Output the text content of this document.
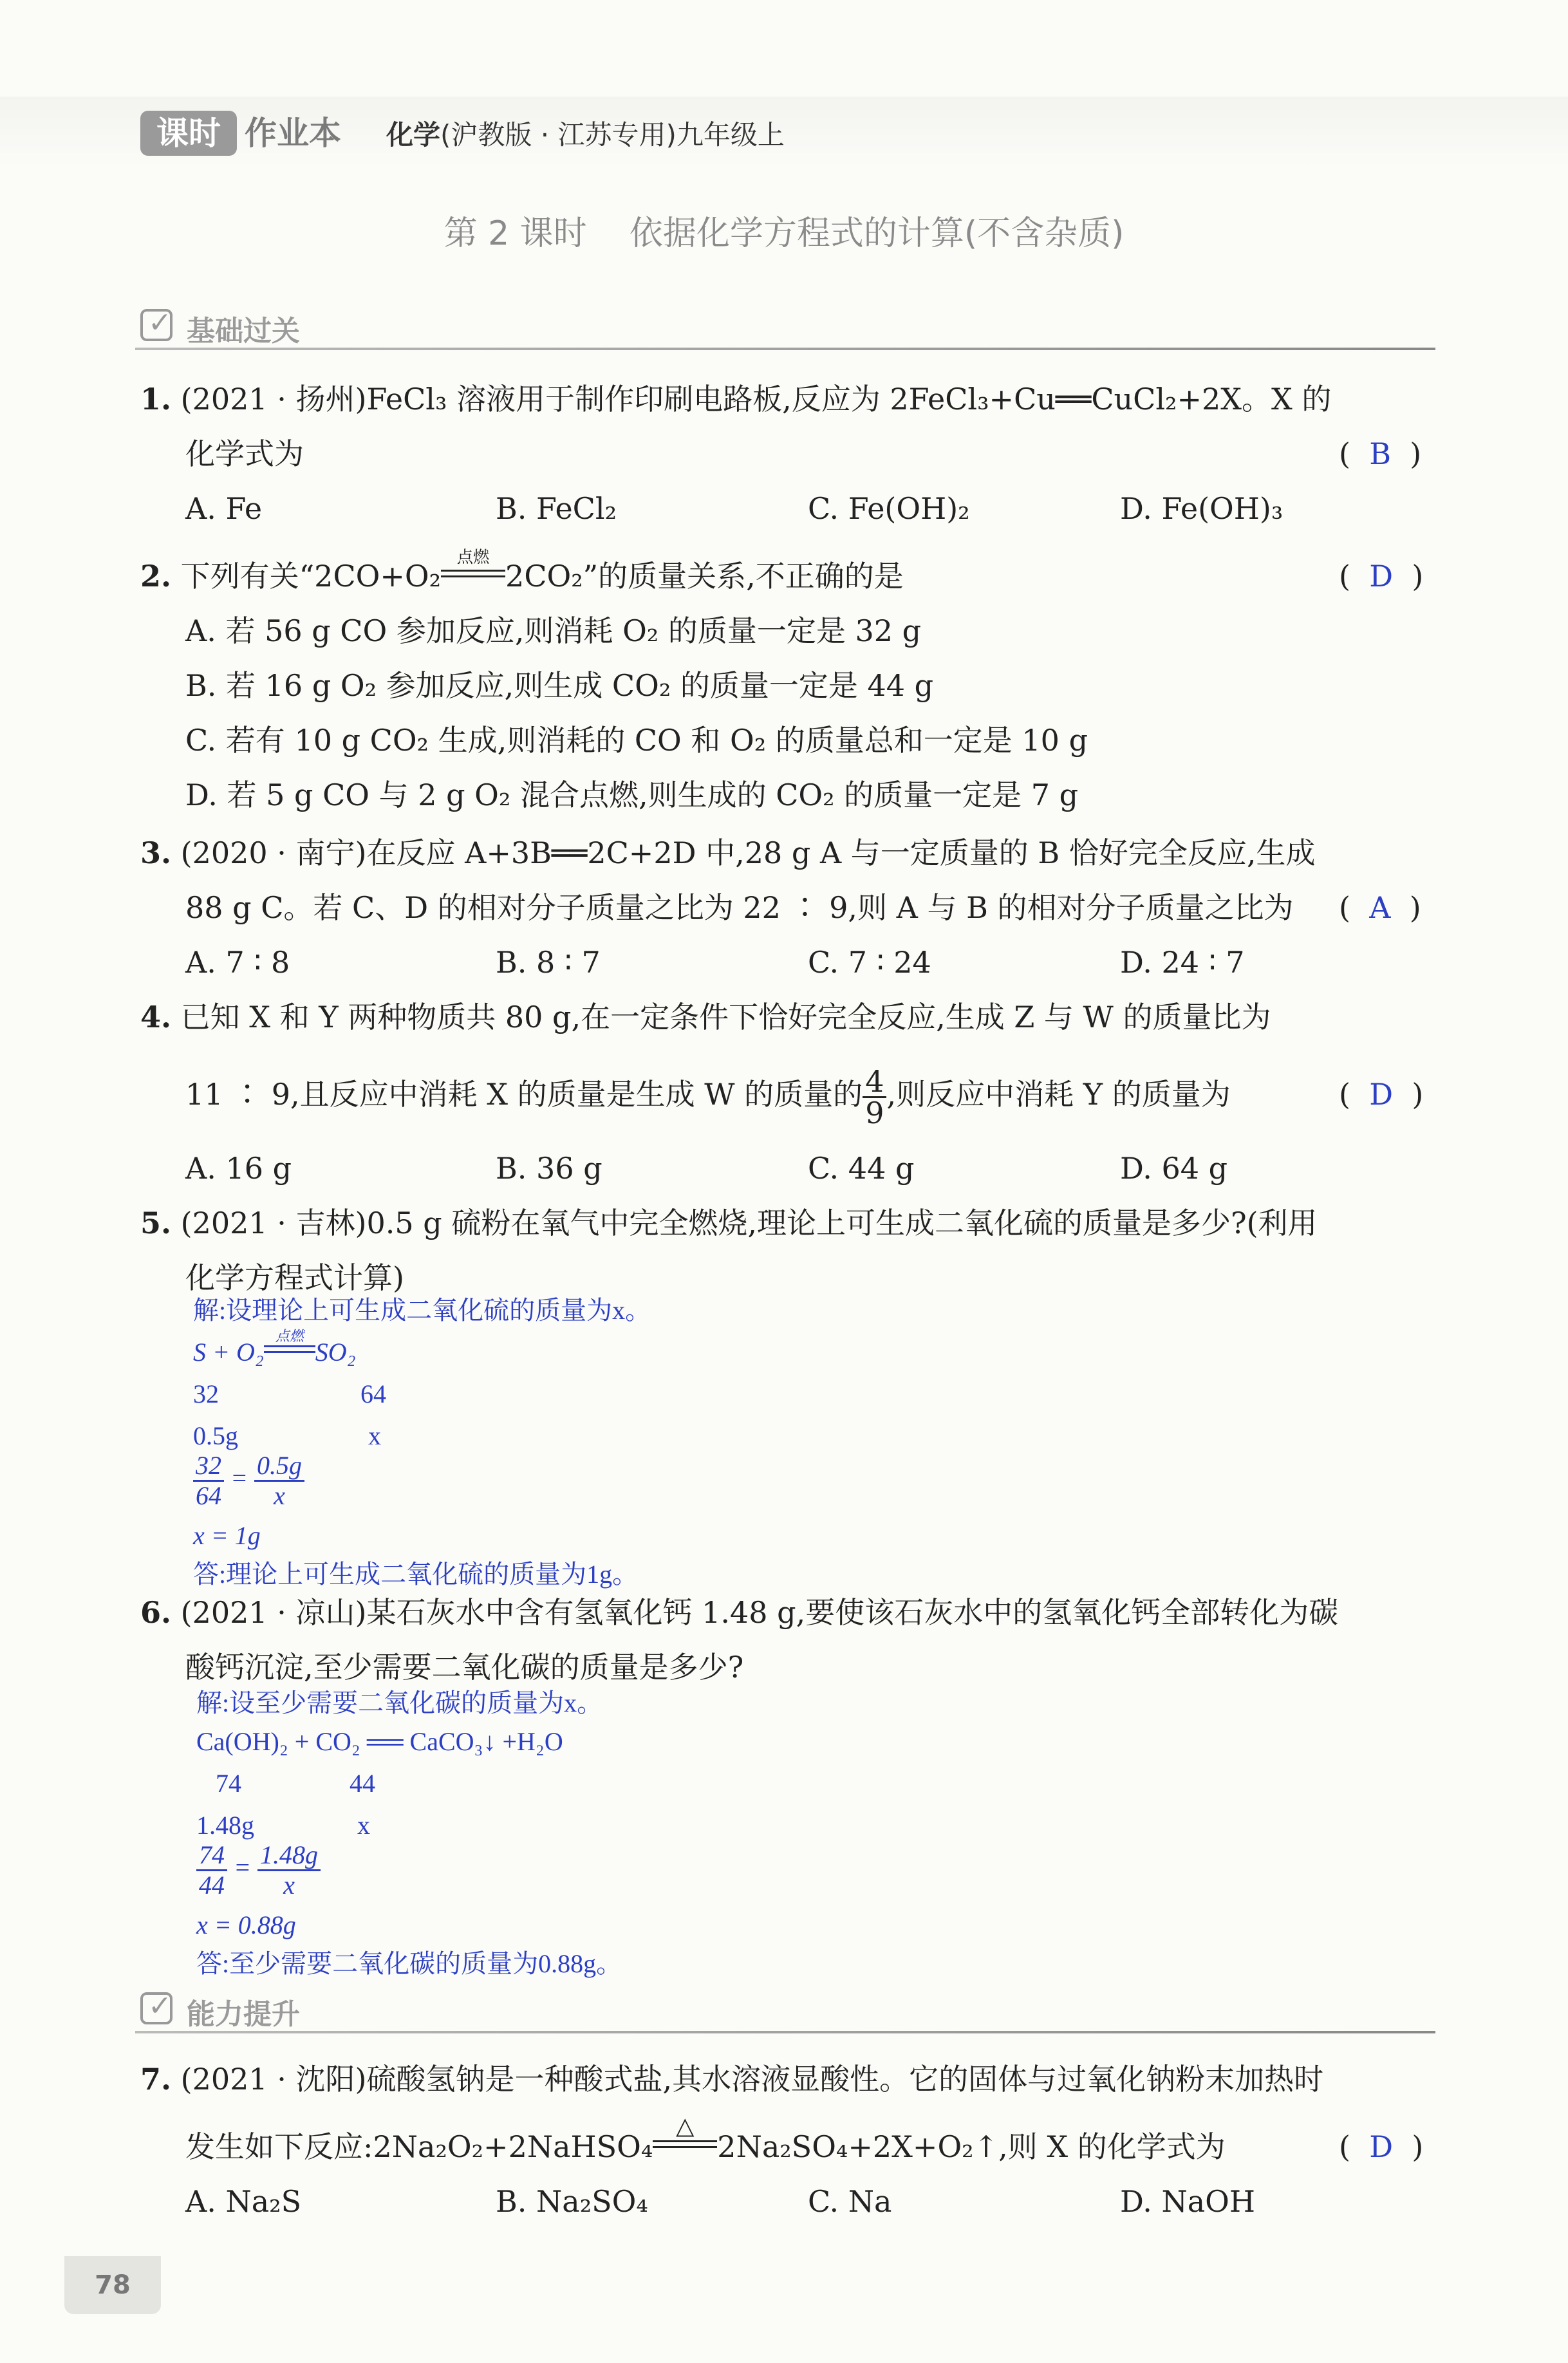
课时 作业本 化学(沪教版 · 江苏专用)九年级上
第 2 课时    依据化学方程式的计算(不含杂质)
✓ 基础过关
1. (2021 · 扬州)FeCl₃ 溶液用于制作印刷电路板,反应为 2FeCl₃+Cu══CuCl₂+2X。X 的
化学式为	( B )
A. Fe	B. FeCl₂	C. Fe(OH)₂	D. Fe(OH)₃
2. 下列有关“2CO+O₂
点燃
2CO₂”的质量关系,不正确的是	( D )
A. 若 56 g CO 参加反应,则消耗 O₂ 的质量一定是 32 g
B. 若 16 g O₂ 参加反应,则生成 CO₂ 的质量一定是 44 g
C. 若有 10 g CO₂ 生成,则消耗的 CO 和 O₂ 的质量总和一定是 10 g
D. 若 5 g CO 与 2 g O₂ 混合点燃,则生成的 CO₂ 的质量一定是 7 g
3. (2020 · 南宁)在反应 A+3B══2C+2D 中,28 g A 与一定质量的 B 恰好完全反应,生成
88 g C。若 C、D 的相对分子质量之比为 22 ∶ 9,则 A 与 B 的相对分子质量之比为 ( A )
A. 7 ∶ 8	B. 8 ∶ 7	C. 7 ∶ 24	D. 24 ∶ 7
4. 已知 X 和 Y 两种物质共 80 g,在一定条件下恰好完全反应,生成 Z 与 W 的质量比为
11 ∶ 9,且反应中消耗 X 的质量是生成 W 的质量的 $\frac{4}{9}$ ,则反应中消耗 Y 的质量为	( D )
A. 16 g	B. 36 g	C. 44 g	D. 64 g
5. (2021 · 吉林)0.5 g 硫粉在氧气中完全燃烧,理论上可生成二氧化硫的质量是多少?(利用
化学方程式计算)
解:设理论上可生成二氧化硫的质量为x。
S + O₂
点燃
SO₂
32	64
0.5g	x
$\frac{32}{64} = \frac{0.5g}{x}$
x = 1g
答:理论上可生成二氧化硫的质量为1g。
6. (2021 · 凉山)某石灰水中含有氢氧化钙 1.48 g,要使该石灰水中的氢氧化钙全部转化为碳
酸钙沉淀,至少需要二氧化碳的质量是多少?
解:设至少需要二氧化碳的质量为x。
Ca(OH)₂ + CO₂ ══ CaCO₃↓ +H₂O
74	44
1.48g	x
$\frac{74}{44} = \frac{1.48g}{x}$
x = 0.88g
答:至少需要二氧化碳的质量为0.88g。
✓ 能力提升
7. (2021 · 沈阳)硫酸氢钠是一种酸式盐,其水溶液显酸性。它的固体与过氧化钠粉末加热时
发生如下反应:2Na₂O₂+2NaHSO₄
△
2Na₂SO₄+2X+O₂↑,则 X 的化学式为	( D )
A. Na₂S	B. Na₂SO₄	C. Na	D. NaOH
78
